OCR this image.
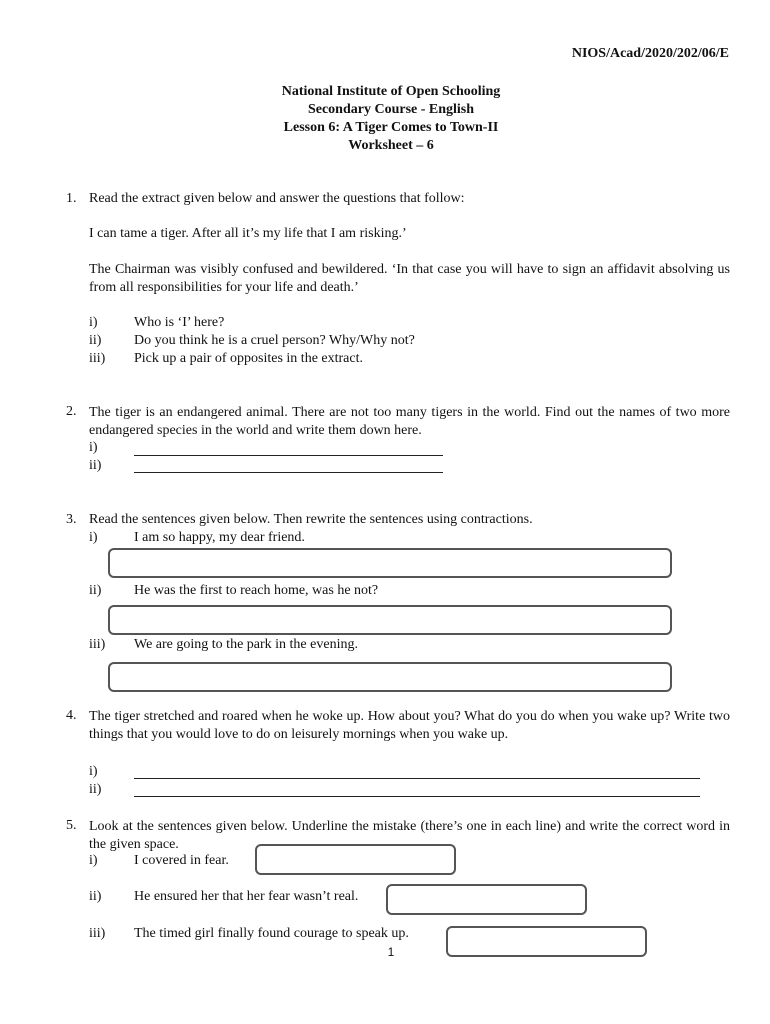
NIOS/Acad/2020/202/06/E
National Institute of Open Schooling
Secondary Course - English
Lesson 6: A Tiger Comes to Town-II
Worksheet – 6
1. Read the extract given below and answer the questions that follow:
I can tame a tiger. After all it’s my life that I am risking.’
The Chairman was visibly confused and bewildered. ‘In that case you will have to sign an affidavit absolving us from all responsibilities for your life and death.’
i)	Who is ‘I’ here?
ii) Do you think he is a cruel person? Why/Why not?
iii) Pick up a pair of opposites in the extract.
2. The tiger is an endangered animal. There are not too many tigers in the world. Find out the names of two more endangered species in the world and write them down here.
i)
ii)
3. Read the sentences given below. Then rewrite the sentences using contractions.
i)	I am so happy, my dear friend.
ii) He was the first to reach home, was he not?
iii) We are going to the park in the evening.
4. The tiger stretched and roared when he woke up. How about you? What do you do when you wake up? Write two things that you would love to do on leisurely mornings when you wake up.
i)
ii)
5. Look at the sentences given below. Underline the mistake (there’s one in each line) and write the correct word in the given space.
i)	I covered in fear.
ii) He ensured her that her fear wasn’t real.
iii) The timed girl finally found courage to speak up.
1
